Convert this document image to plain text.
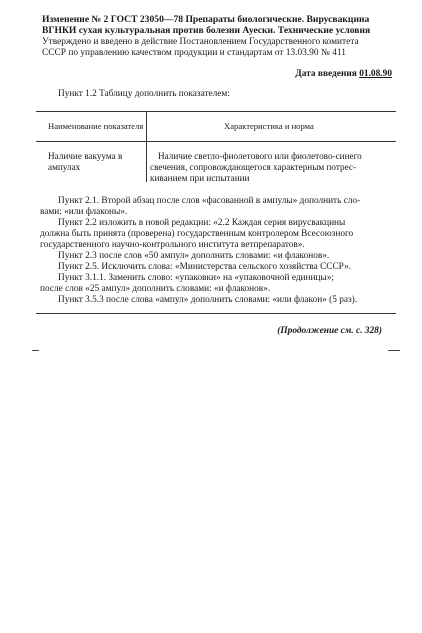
Изменение № 2 ГОСТ 23050—78 Препараты биологические. Вирусвакцина
ВГНКИ сухая культуральная против болезни Ауески. Технические условия
Утверждено и введено в действие Постановлением Государственного комитета
СССР по управлению качеством продукции и стандартам от 13.03.90 № 411
Дата введения 01.08.90
Пункт 1.2 Таблицу дополнить показателем:
Наименование показателя	Характеристика и норма
Наличие вакуума в
ампулах
Наличие светло-фиолетового или фиолетово-синего
свечения, сопровождающегося характерным потрес-
киванием при испытании
Пункт 2.1. Второй абзац после слов «фасованной в ампулы» дополнить сло-
вами: «или флаконы».
Пункт 2.2 изложить в новой редакции: «2.2 Каждая серия вирусвакцины
должна быть принята (проверена) государственным контролером Всесоюзного
государственного научно-контрольного института ветпрепаратов».
Пункт 2.3 после слов «50 ампул» дополнить словами: «и флаконов».
Пункт 2.5. Исключить слова: «Министерства сельского хозяйства СССР».
Пункт 3.1.1. Заменить слово: «упаковки» на «упаковочной единицы»;
после слов «25 ампул» дополнить словами: «и флаконов».
Пункт 3.5.3 после слова «ампул» дополнить словами: «или флакон» (5 раз).
(Продолжение см. с. 328)
